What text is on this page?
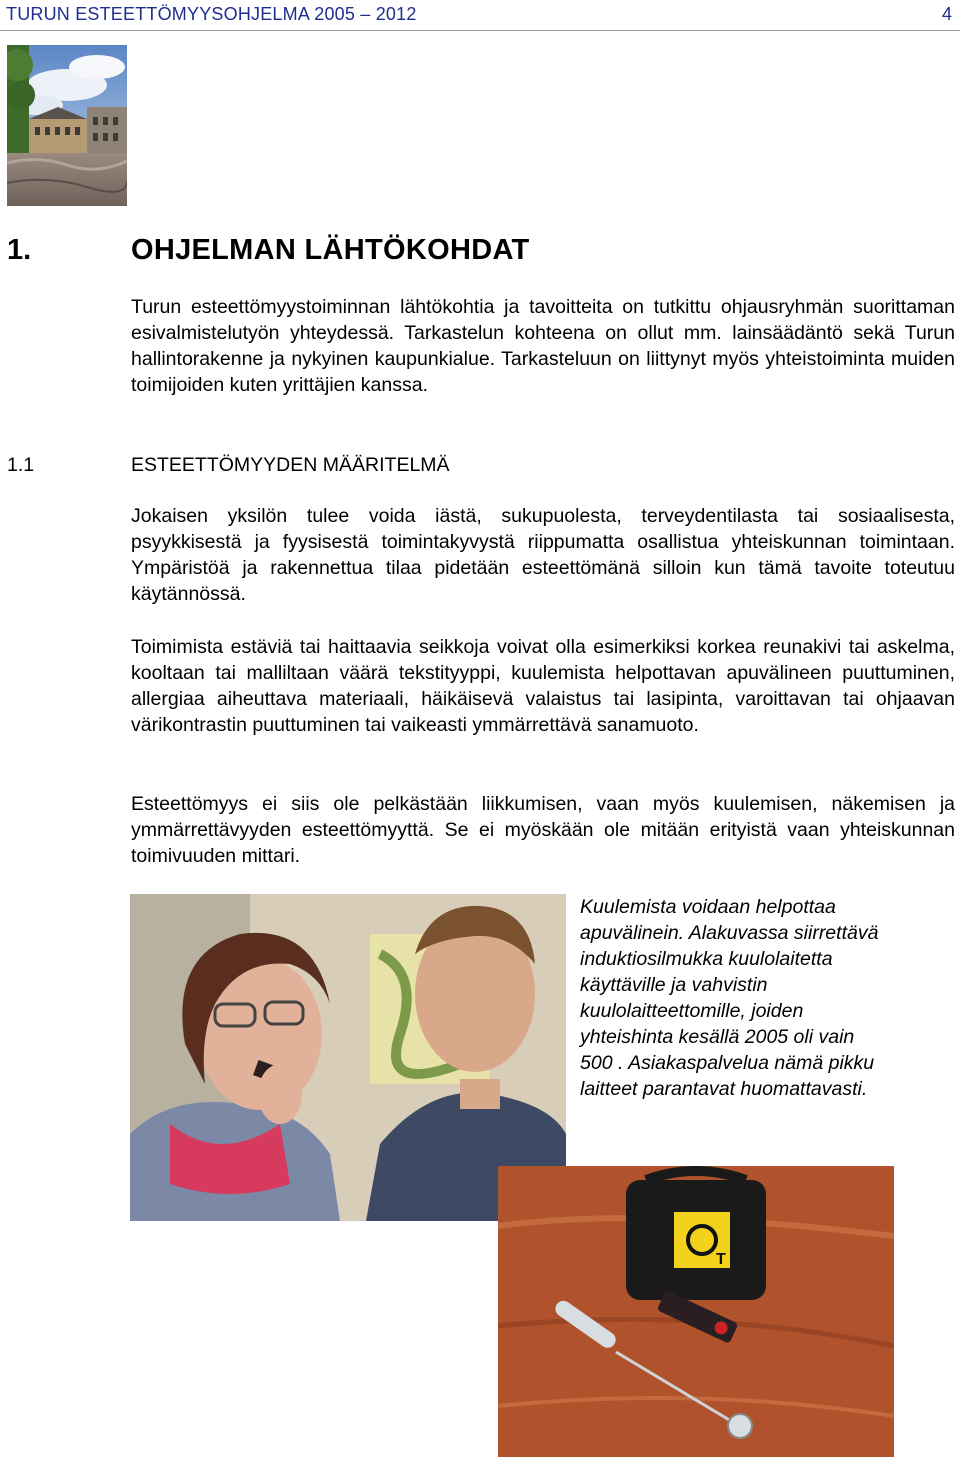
TURUN ESTEETTÖMYYSOHJELMA 2005 – 2012	4
1.	OHJELMAN LÄHTÖKOHDAT

Turun esteettömyystoiminnan lähtökohtia ja tavoitteita on tutkittu ohjausryhmän suorittaman esivalmistelutyön yhteydessä. Tarkastelun kohteena on ollut mm. lainsäädäntö sekä Turun hallintorakenne ja nykyinen kaupunkialue. Tarkasteluun on liittynyt myös yhteistoiminta muiden toimijoiden kuten yrittäjien kanssa.

1.1	ESTEETTÖMYYDEN MÄÄRITELMÄ

Jokaisen yksilön tulee voida iästä, sukupuolesta, terveydentilasta tai sosiaalisesta, psyykkisestä ja fyysisestä toimintakyvystä riippumatta osallistua yhteiskunnan toimintaan. Ympäristöä ja rakennettua tilaa pidetään esteettömänä silloin kun tämä tavoite toteutuu käytännössä.

Toimimista estäviä tai haittaavia seikkoja voivat olla esimerkiksi korkea reunakivi tai askelma, kooltaan tai malliltaan väärä tekstityyppi, kuulemista helpottavan apuvälineen puuttuminen, allergiaa aiheuttava materiaali, häikäisevä valaistus tai lasipinta, varoittavan tai ohjaavan värikontrastin puuttuminen tai vaikeasti ymmärrettävä sanamuoto.

Esteettömyys ei siis ole pelkästään liikkumisen, vaan myös kuulemisen, näkemisen ja ymmärrettävyyden esteettömyyttä. Se ei myöskään ole mitään erityistä vaan yhteiskunnan toimivuuden mittari.

Kuulemista voidaan helpottaa apuvälinein. Alakuvassa siirrettävä induktiosilmukka kuulolaitetta käyttäville ja vahvistin kuulolaitteettomille, joiden yhteishinta kesällä 2005 oli vain 500 . Asiakaspalvelua nämä pikku laitteet parantavat huomattavasti.

T
